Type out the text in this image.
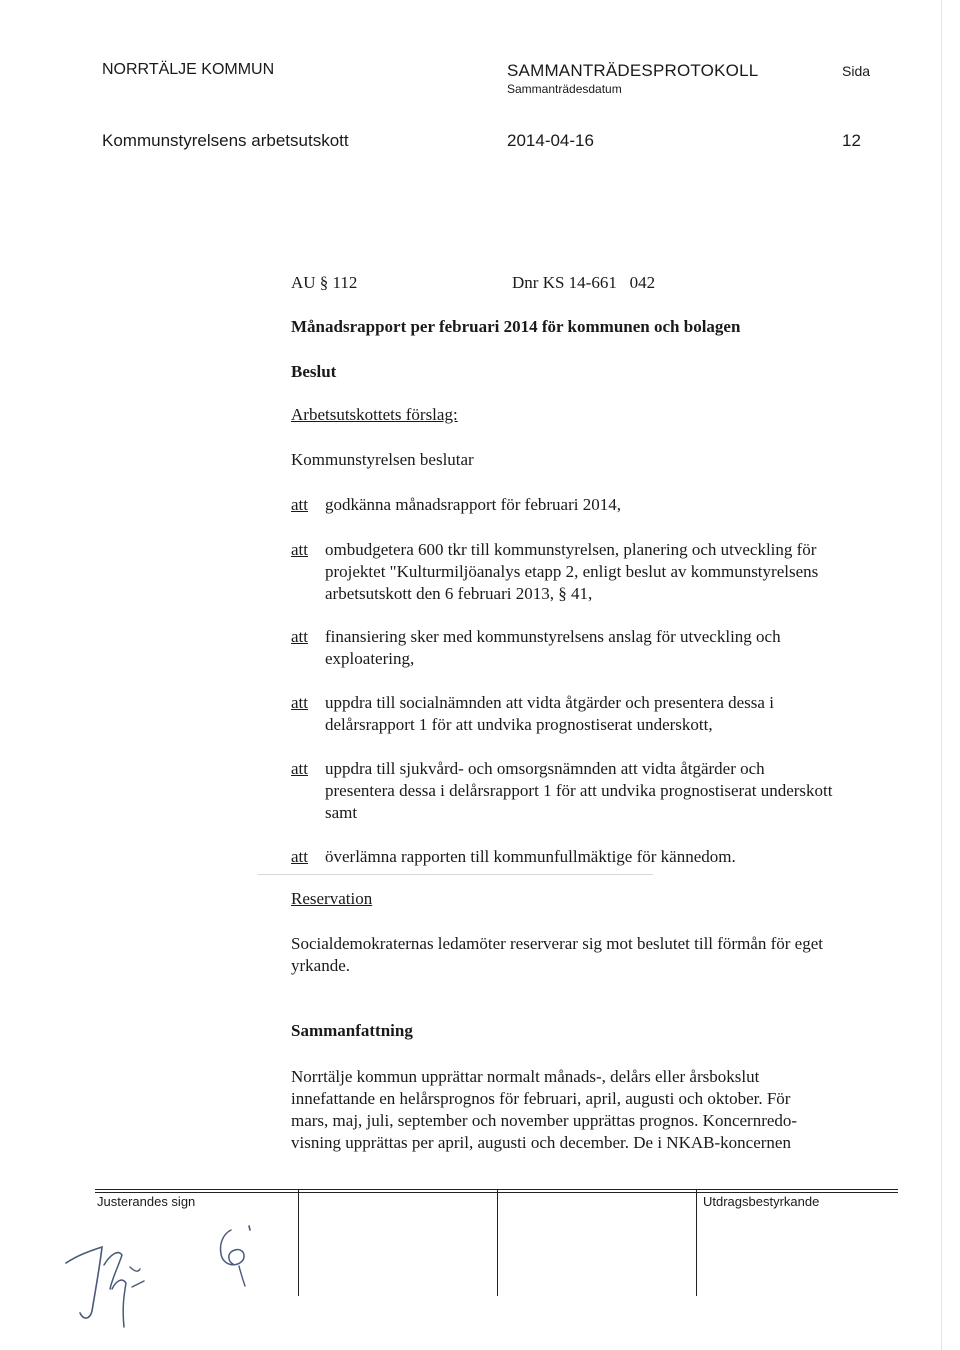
NORRTÄLJE KOMMUN	SAMMANTRÄDESPROTOKOLL
Sammanträdesdatum
Sida
Kommunstyrelsens arbetsutskott	2014-04-16	12
AU § 112	Dnr KS 14-661   042
Månadsrapport per februari 2014 för kommunen och bolagen
Beslut
Arbetsutskottets förslag:
Kommunstyrelsen beslutar
att godkänna månadsrapport för februari 2014,
att ombudgetera 600 tkr till kommunstyrelsen, planering och utveckling för
projektet "Kulturmiljöanalys etapp 2, enligt beslut av kommunstyrelsens
arbetsutskott den 6 februari 2013, § 41,
att finansiering sker med kommunstyrelsens anslag för utveckling och
exploatering,
att uppdra till socialnämnden att vidta åtgärder och presentera dessa i
delårsrapport 1 för att undvika prognostiserat underskott,
att uppdra till sjukvård- och omsorgsnämnden att vidta åtgärder och
presentera dessa i delårsrapport 1 för att undvika prognostiserat underskott
samt
att överlämna rapporten till kommunfullmäktige för kännedom.
Reservation
Socialdemokraternas ledamöter reserverar sig mot beslutet till förmån för eget
yrkande.
Sammanfattning
Norrtälje kommun upprättar normalt månads-, delårs eller årsbokslut
innefattande en helårsprognos för februari, april, augusti och oktober. För
mars, maj, juli, september och november upprättas prognos. Koncernredo-
visning upprättas per april, augusti och december. De i NKAB-koncernen
Justerandes sign	Utdragsbestyrkande
